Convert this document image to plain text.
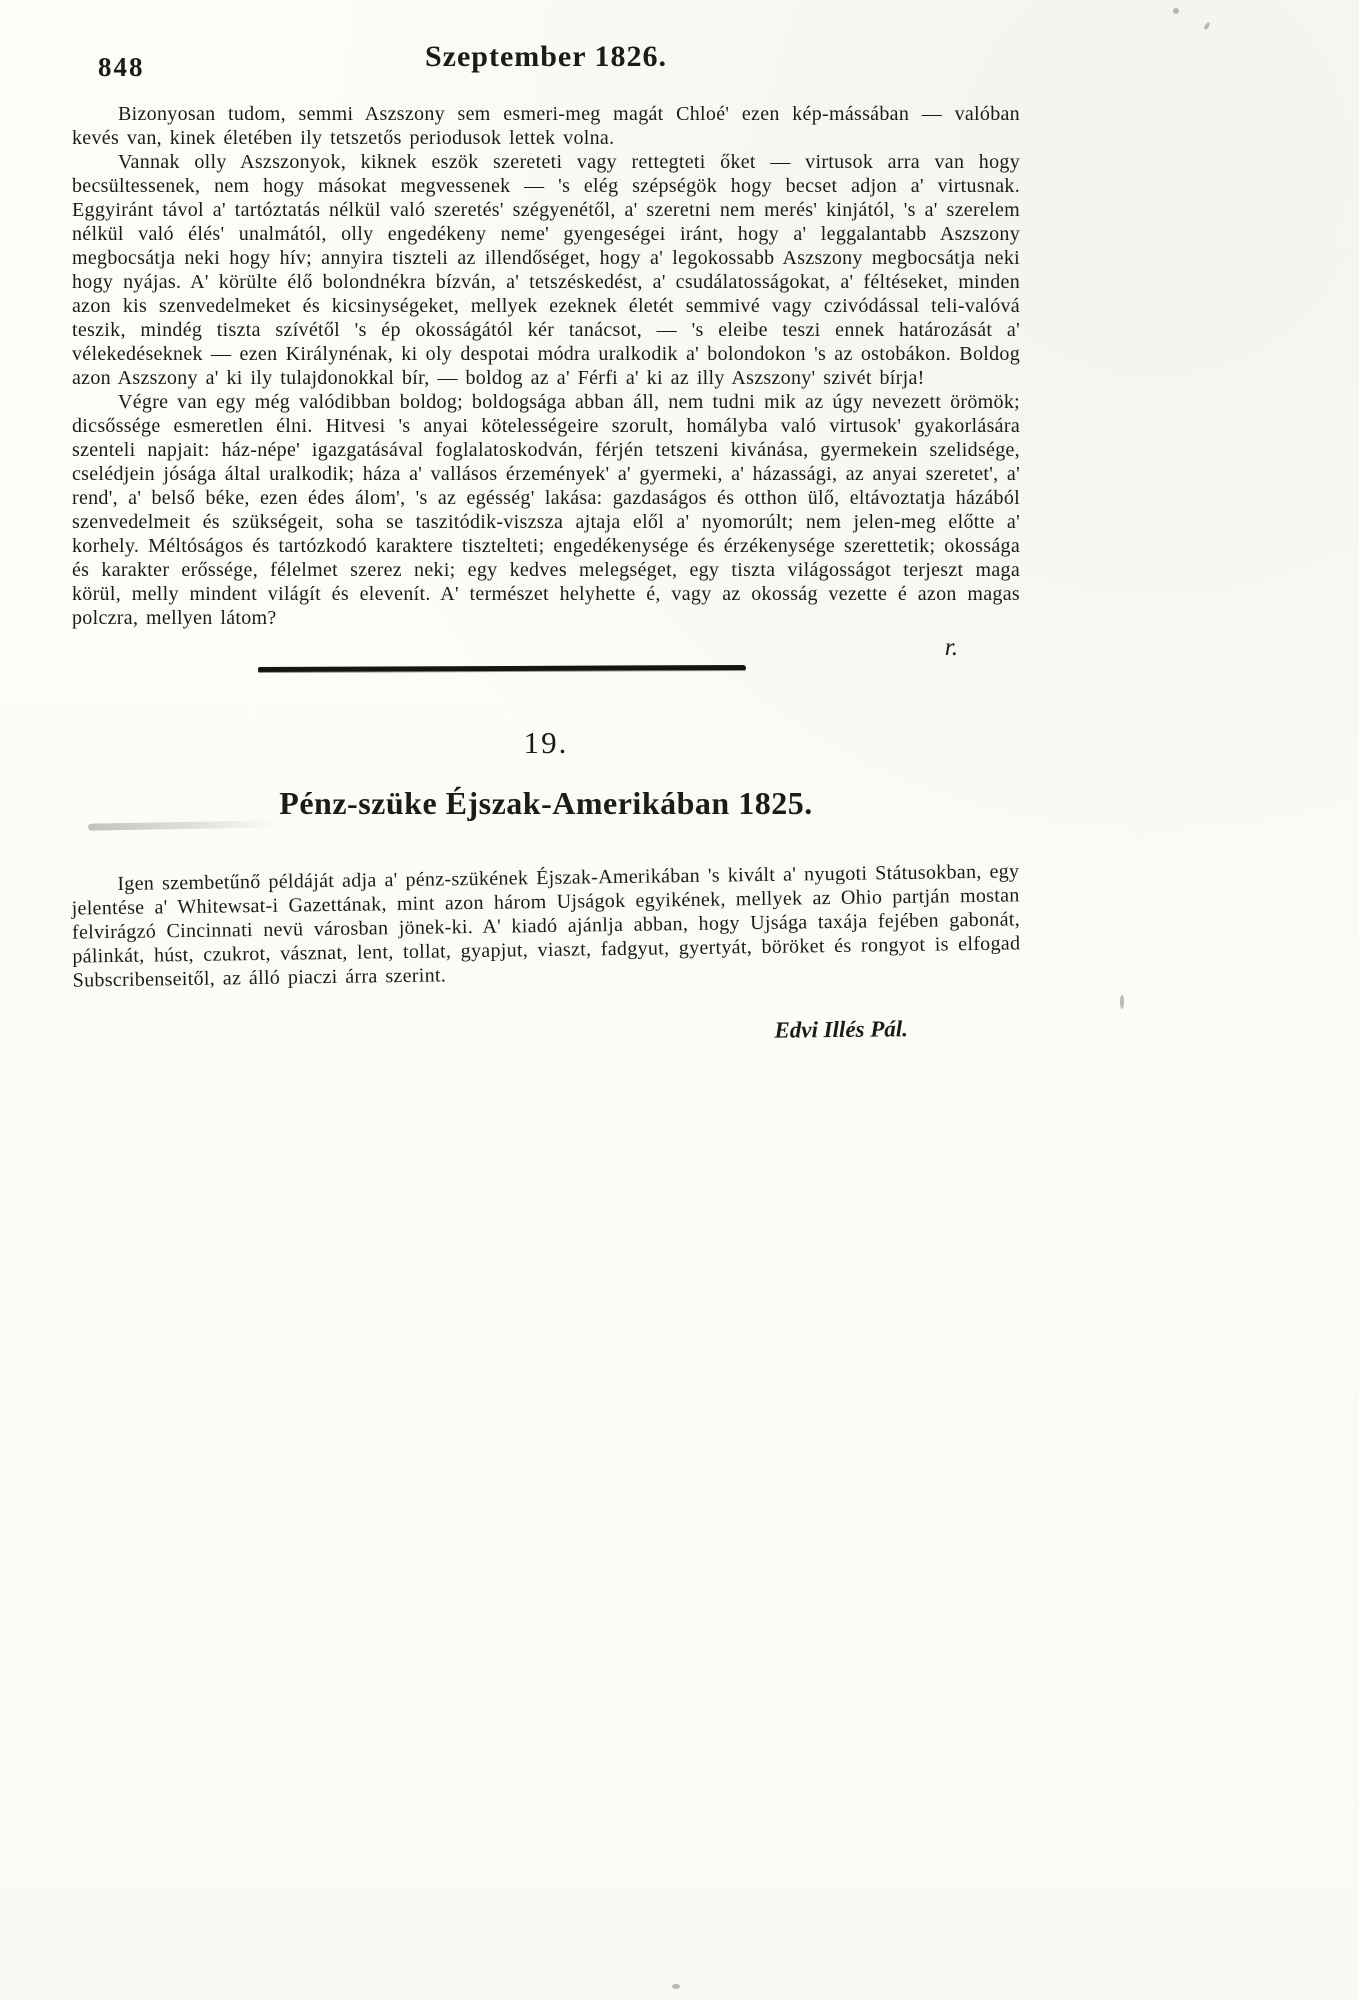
848	Szeptember 1826.

Bizonyosan tudom, semmi Aszszony sem esmeri-meg magát Chloé' ezen kép-mássában — valóban kevés van, kinek életében ily tetszetős periodusok lettek volna.

Vannak olly Aszszonyok, kiknek eszök szereteti vagy rettegteti őket — virtusok arra van hogy becsültessenek, nem hogy másokat megvessenek — 's elég szépségök hogy becset adjon a' virtusnak. Eggyiránt távol a' tartóztatás nélkül való szeretés' szégyenétől, a' szeretni nem merés' kinjától, 's a' szerelem nélkül való élés' unalmától, olly engedékeny neme' gyengeségei iránt, hogy a' leggalantabb Aszszony megbocsátja neki hogy hív; annyira tiszteli az illendőséget, hogy a' legokossabb Aszszony megbocsátja neki hogy nyájas. A' körülte élő bolondnékra bízván, a' tetszéskedést, a' csudálatosságokat, a' féltéseket, minden azon kis szenvedelmeket és kicsinységeket, mellyek ezeknek életét semmivé vagy czivódással teli-valóvá teszik, mindég tiszta szívétől 's ép okosságától kér tanácsot, — 's eleibe teszi ennek határozását a' vélekedéseknek — ezen Királynénak, ki oly despotai módra uralkodik a' bolondokon 's az ostobákon. Boldog azon Aszszony a' ki ily tulajdonokkal bír, — boldog az a' Férfi a' ki az illy Aszszony' szivét bírja!

Végre van egy még valódibban boldog; boldogsága abban áll, nem tudni mik az úgy nevezett örömök; dicsőssége esmeretlen élni. Hitvesi 's anyai kötelességeire szorult, homályba való virtusok' gyakorlására szenteli napjait: ház-népe' igazgatásával foglalatoskodván, férjén tetszeni kivánása, gyermekein szelidsége, cselédjein jósága által uralkodik; háza a' vallásos érzemények' a' gyermeki, a' házassági, az anyai szeretet', a' rend', a' belső béke, ezen édes álom', 's az egésség' lakása: gazdaságos és otthon ülő, eltávoztatja házából szenvedelmeit és szükségeit, soha se taszitódik-viszsza ajtaja elől a' nyomorúlt; nem jelen-meg előtte a' korhely. Méltóságos és tartózkodó karaktere tisztelteti; engedékenysége és érzékenysége szerettetik; okossága és karakter erőssége, félelmet szerez neki; egy kedves melegséget, egy tiszta világosságot terjeszt maga körül, melly mindent világít és elevenít. A' természet helyhette é, vagy az okosság vezette é azon magas polczra, mellyen látom?

r.
19.
Pénz-szüke Éjszak-Amerikában 1825.

Igen szembetűnő példáját adja a' pénz-szükének Éjszak-Amerikában 's kivált a' nyugoti Státusokban, egy jelentése a' Whitewsat-i Gazettának, mint azon három Ujságok egyikének, mellyek az Ohio partján mostan felvirágzó Cincinnati nevü városban jönek-ki. A' kiadó ajánlja abban, hogy Ujsága taxája fejében gabonát, pálinkát, húst, czukrot, vásznat, lent, tollat, gyapjut, viaszt, fadgyut, gyertyát, böröket és rongyot is elfogad Subscribenseitől, az álló piaczi árra szerint.

Edvi Illés Pál.
